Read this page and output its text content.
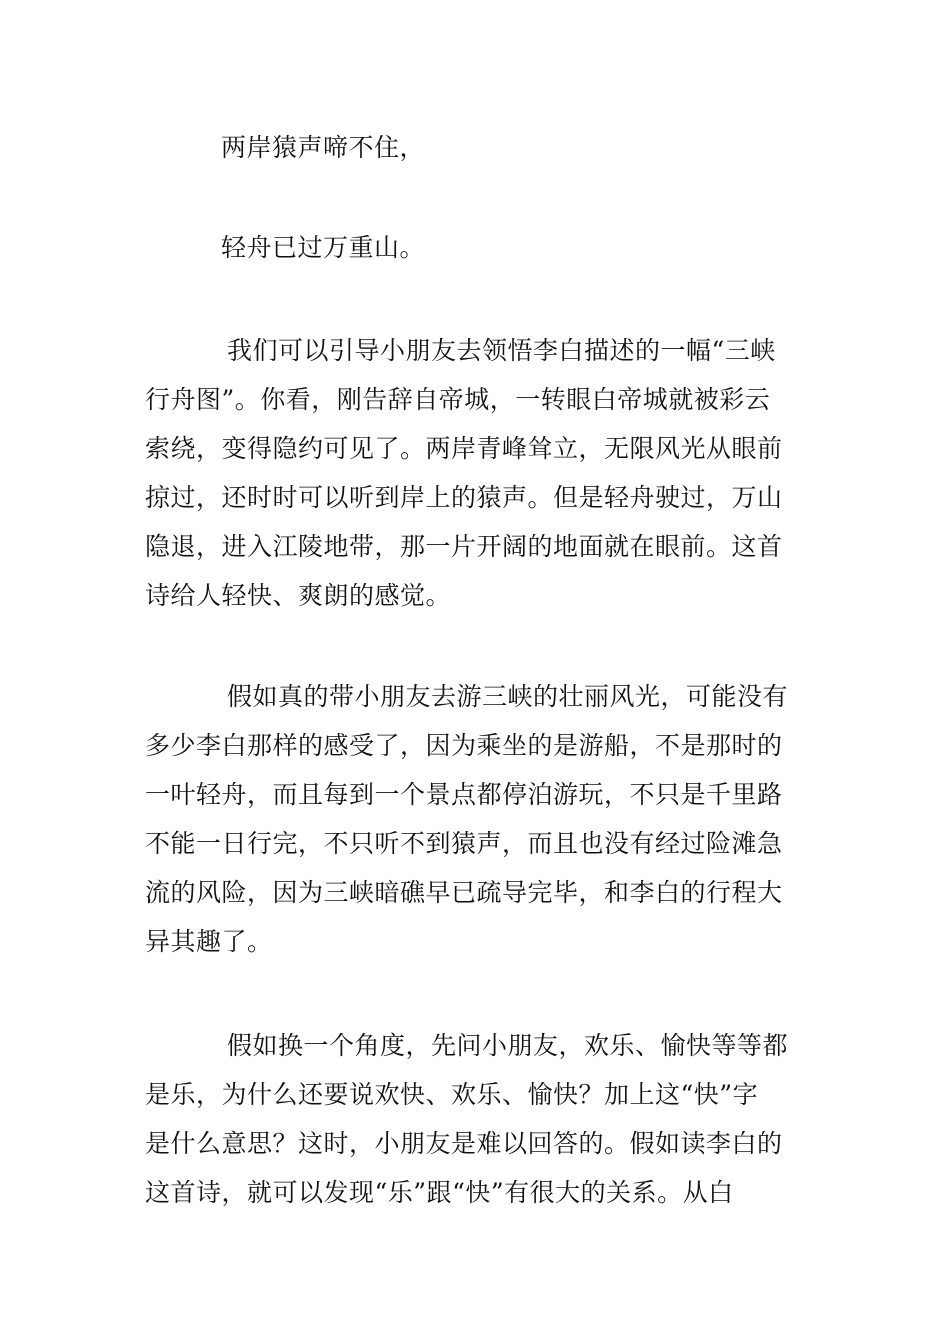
两岸猿声啼不住，
轻舟已过万重山。
我们可以引导小朋友去领悟李白描述的一幅“三峡
行舟图”。你看，刚告辞自帝城，一转眼白帝城就被彩云
索绕，变得隐约可见了。两岸青峰耸立，无限风光从眼前
掠过，还时时可以听到岸上的猿声。但是轻舟驶过，万山
隐退，进入江陵地带，那一片开阔的地面就在眼前。这首
诗给人轻快、爽朗的感觉。
假如真的带小朋友去游三峡的壮丽风光，可能没有
多少李白那样的感受了，因为乘坐的是游船，不是那时的
一叶轻舟，而且每到一个景点都停泊游玩，不只是千里路
不能一日行完，不只听不到猿声，而且也没有经过险滩急
流的风险，因为三峡暗礁早已疏导完毕，和李白的行程大
异其趣了。
假如换一个角度，先问小朋友，欢乐、愉快等等都
是乐，为什么还要说欢快、欢乐、愉快？加上这“快”字
是什么意思？这时，小朋友是难以回答的。假如读李白的
这首诗，就可以发现“乐”跟“快”有很大的关系。从白
